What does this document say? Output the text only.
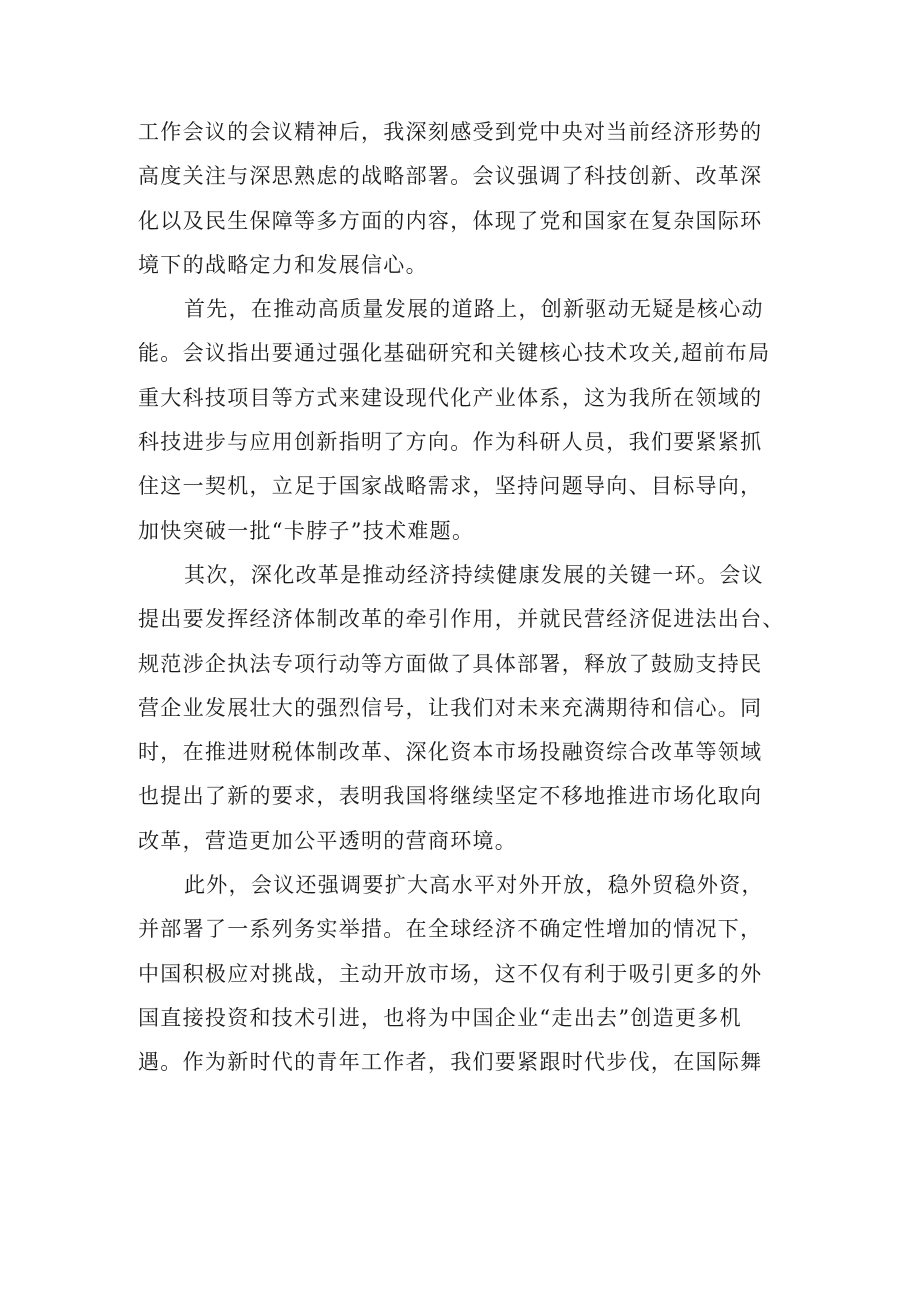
工作会议的会议精神后，我深刻感受到党中央对当前经济形势的
高度关注与深思熟虑的战略部署。会议强调了科技创新、改革深
化以及民生保障等多方面的内容，体现了党和国家在复杂国际环
境下的战略定力和发展信心。
首先，在推动高质量发展的道路上，创新驱动无疑是核心动
能。会议指出要通过强化基础研究和关键核心技术攻关,超前布局
重大科技项目等方式来建设现代化产业体系，这为我所在领域的
科技进步与应用创新指明了方向。作为科研人员，我们要紧紧抓
住这一契机，立足于国家战略需求，坚持问题导向、目标导向，
加快突破一批“卡脖子”技术难题。
其次，深化改革是推动经济持续健康发展的关键一环。会议
提出要发挥经济体制改革的牵引作用，并就民营经济促进法出台、
规范涉企执法专项行动等方面做了具体部署，释放了鼓励支持民
营企业发展壮大的强烈信号，让我们对未来充满期待和信心。同
时，在推进财税体制改革、深化资本市场投融资综合改革等领域
也提出了新的要求，表明我国将继续坚定不移地推进市场化取向
改革，营造更加公平透明的营商环境。
此外，会议还强调要扩大高水平对外开放，稳外贸稳外资，
并部署了一系列务实举措。在全球经济不确定性增加的情况下，
中国积极应对挑战，主动开放市场，这不仅有利于吸引更多的外
国直接投资和技术引进，也将为中国企业“走出去”创造更多机
遇。作为新时代的青年工作者，我们要紧跟时代步伐，在国际舞
